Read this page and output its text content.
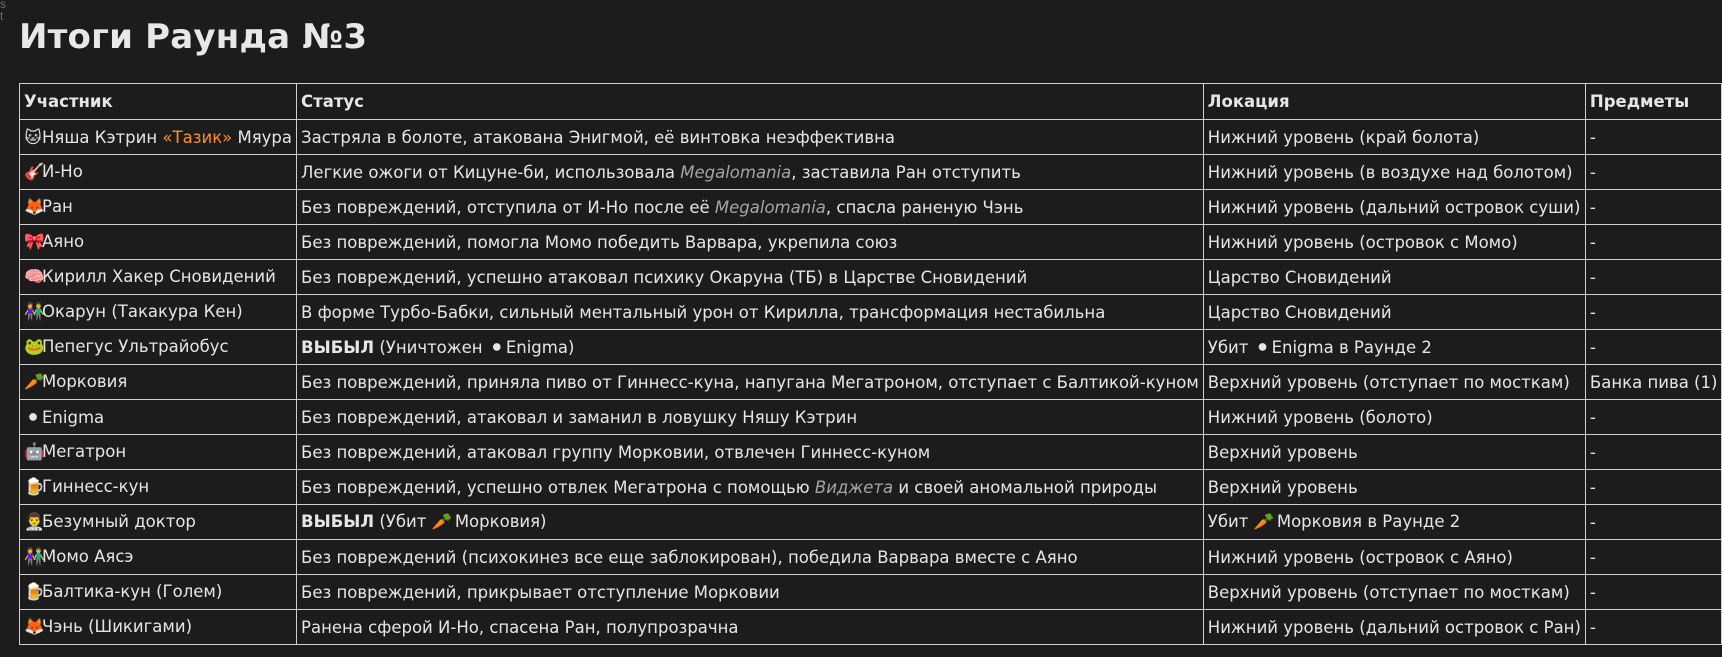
s
t
Итоги Раунда №3
Участник	Статус	Локация	Предметы
🐱Няша Кэтрин «Тазик» Мяура	Застряла в болоте, атакована Энигмой, её винтовка неэффективна	Нижний уровень (край болота)	-
🎸И-Но	Легкие ожоги от Кицуне-би, использовала Megalomania, заставила Ран отступить	Нижний уровень (в воздухе над болотом)	-
🦊Ран	Без повреждений, отступила от И-Но после её Megalomania, спасла раненую Чэнь	Нижний уровень (дальний островок суши)	-
🎀Аяно	Без повреждений, помогла Момо победить Варвара, укрепила союз	Нижний уровень (островок с Момо)	-
🧠Кирилл Хакер Сновидений	Без повреждений, успешно атаковал психику Окаруна (ТБ) в Царстве Сновидений	Царство Сновидений	-
👫Окарун (Такакура Кен)	В форме Турбо-Бабки, сильный ментальный урон от Кирилла, трансформация нестабильна	Царство Сновидений	-
🐸Пепегус Ультрайобус	ВЫБЫЛ (Уничтожен ⚫ Enigma)	Убит ⚫ Enigma в Раунде 2	-
🥕Морковия	Без повреждений, приняла пиво от Гиннесс-куна, напугана Мегатроном, отступает с Балтикой-куном	Верхний уровень (отступает по мосткам)	Банка пива (1)
⚫ Enigma	Без повреждений, атаковал и заманил в ловушку Няшу Кэтрин	Нижний уровень (болото)	-
🤖Мегатрон	Без повреждений, атаковал группу Морковии, отвлечен Гиннесс-куном	Верхний уровень	-
🍺Гиннесс-кун	Без повреждений, успешно отвлек Мегатрона с помощью Виджета и своей аномальной природы	Верхний уровень	-
👨‍⚕️Безумный доктор	ВЫБЫЛ (Убит 🥕 Морковия)	Убит 🥕 Морковия в Раунде 2	-
👫Момо Аясэ	Без повреждений (психокинез все еще заблокирован), победила Варвара вместе с Аяно	Нижний уровень (островок с Аяно)	-
🍺Балтика-кун (Голем)	Без повреждений, прикрывает отступление Морковии	Верхний уровень (отступает по мосткам)	-
🦊Чэнь (Шикигами)	Ранена сферой И-Но, спасена Ран, полупрозрачна	Нижний уровень (дальний островок с Ран)	-
